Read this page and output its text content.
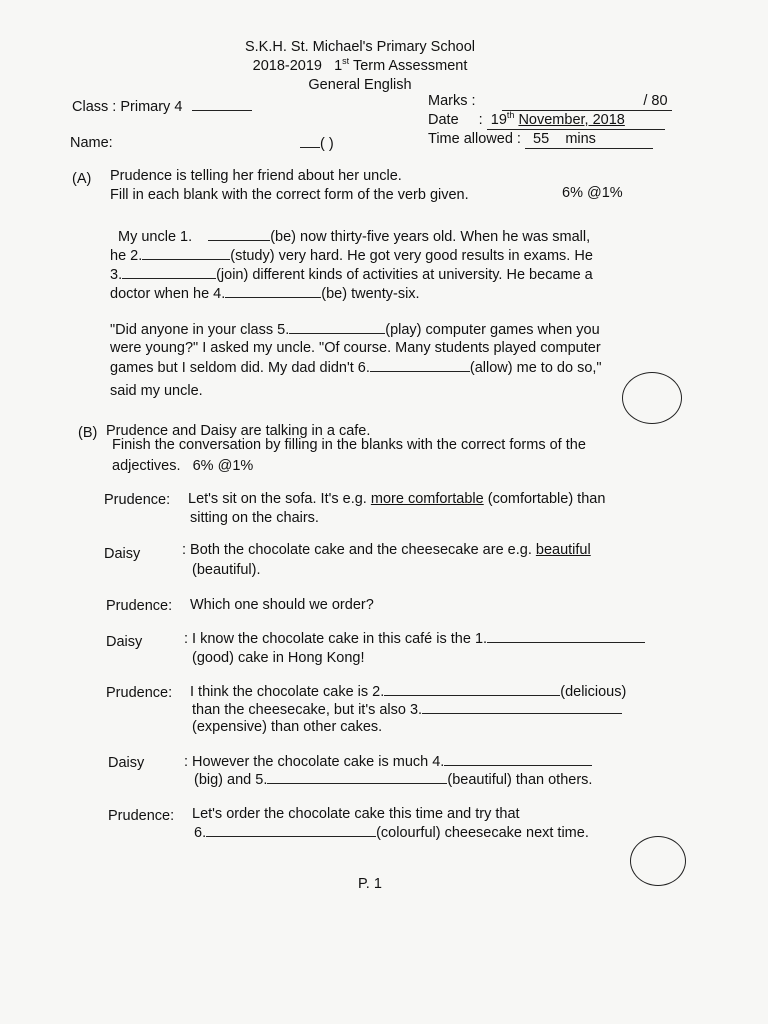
S.K.H. St. Michael's Primary School
2018-2019 1st Term Assessment
General English
Class : Primary 4
Name:	( )
Marks :	/ 80
Date : 19th November, 2018
Time allowed : 55 mins
(A) Prudence is telling her friend about her uncle.
Fill in each blank with the correct form of the verb given.	6% @1%
My uncle 1.	(be) now thirty-five years old. When he was small,
he 2.	(study) very hard. He got very good results in exams. He
3.	(join) different kinds of activities at university. He became a
doctor when he 4.	(be) twenty-six.
"Did anyone in your class 5.	(play) computer games when you
were young?" I asked my uncle. "Of course. Many students played computer
games but I seldom did. My dad didn't 6.	(allow) me to do so,"
said my uncle.
(B) Prudence and Daisy are talking in a cafe.
Finish the conversation by filling in the blanks with the correct forms of the
adjectives. 6% @1%
Prudence: Let's sit on the sofa. It's e.g. more comfortable (comfortable) than
sitting on the chairs.
Daisy	: Both the chocolate cake and the cheesecake are e.g. beautiful
(beautiful).
Prudence: Which one should we order?
Daisy	: I know the chocolate cake in this café is the 1.
(good) cake in Hong Kong!
Prudence: I think the chocolate cake is 2.	(delicious)
than the cheesecake, but it's also 3.
(expensive) than other cakes.
Daisy	: However the chocolate cake is much 4.
(big) and 5.	(beautiful) than others.
Prudence: Let's order the chocolate cake this time and try that
6.	(colourful) cheesecake next time.
P. 1
